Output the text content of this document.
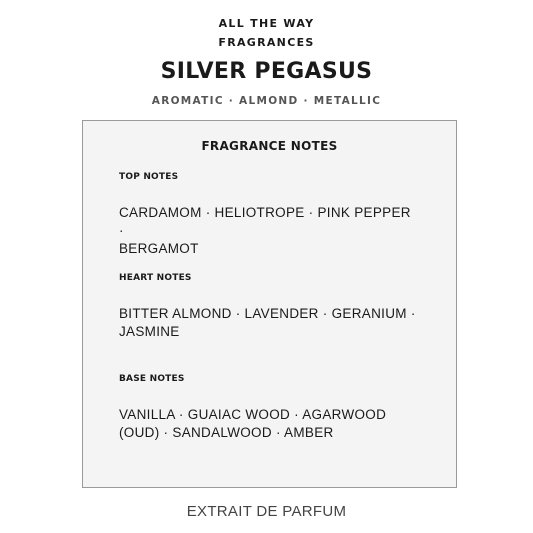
ALL THE WAY
FRAGRANCES
SILVER PEGASUS
AROMATIC · ALMOND · METALLIC
FRAGRANCE NOTES
TOP NOTES
CARDAMOM · HELIOTROPE · PINK PEPPER ·
BERGAMOT
HEART NOTES
BITTER ALMOND · LAVENDER · GERANIUM ·
JASMINE
BASE NOTES
VANILLA · GUAIAC WOOD · AGARWOOD
(OUD) · SANDALWOOD · AMBER
EXTRAIT DE PARFUM
